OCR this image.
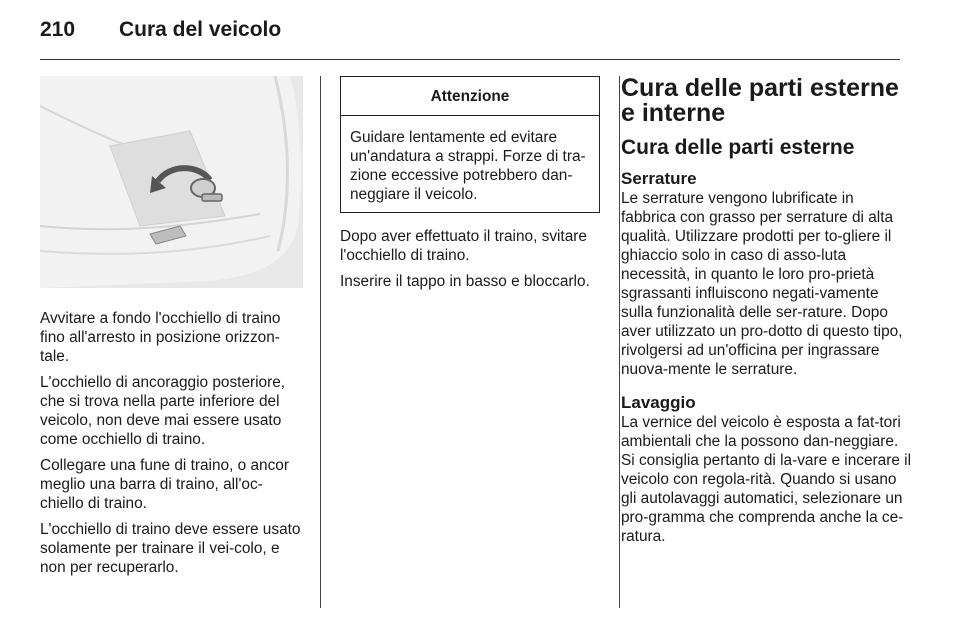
210 Cura del veicolo

Avvitare a fondo l'occhiello di traino fino all'arresto in posizione orizzon-tale.

L'occhiello di ancoraggio posteriore, che si trova nella parte inferiore del veicolo, non deve mai essere usato come occhiello di traino.

Collegare una fune di traino, o ancor meglio una barra di traino, all'oc-chiello di traino.

L'occhiello di traino deve essere usato solamente per trainare il vei-colo, e non per recuperarlo.

Attenzione
Guidare lentamente ed evitare un'andatura a strappi. Forze di tra-zione eccessive potrebbero dan-neggiare il veicolo.

Dopo aver effettuato il traino, svitare l'occhiello di traino.

Inserire il tappo in basso e bloccarlo.

Cura delle parti esterne e interne
Cura delle parti esterne
Serrature

Le serrature vengono lubrificate in fabbrica con grasso per serrature di alta qualità. Utilizzare prodotti per to-gliere il ghiaccio solo in caso di asso-luta necessità, in quanto le loro pro-prietà sgrassanti influiscono negati-vamente sulla funzionalità delle ser-rature. Dopo aver utilizzato un pro-dotto di questo tipo, rivolgersi ad un'officina per ingrassare nuova-mente le serrature.

Lavaggio

La vernice del veicolo è esposta a fat-tori ambientali che la possono dan-neggiare. Si consiglia pertanto di la-vare e incerare il veicolo con regola-rità. Quando si usano gli autolavaggi automatici, selezionare un pro-gramma che comprenda anche la ce-ratura.
